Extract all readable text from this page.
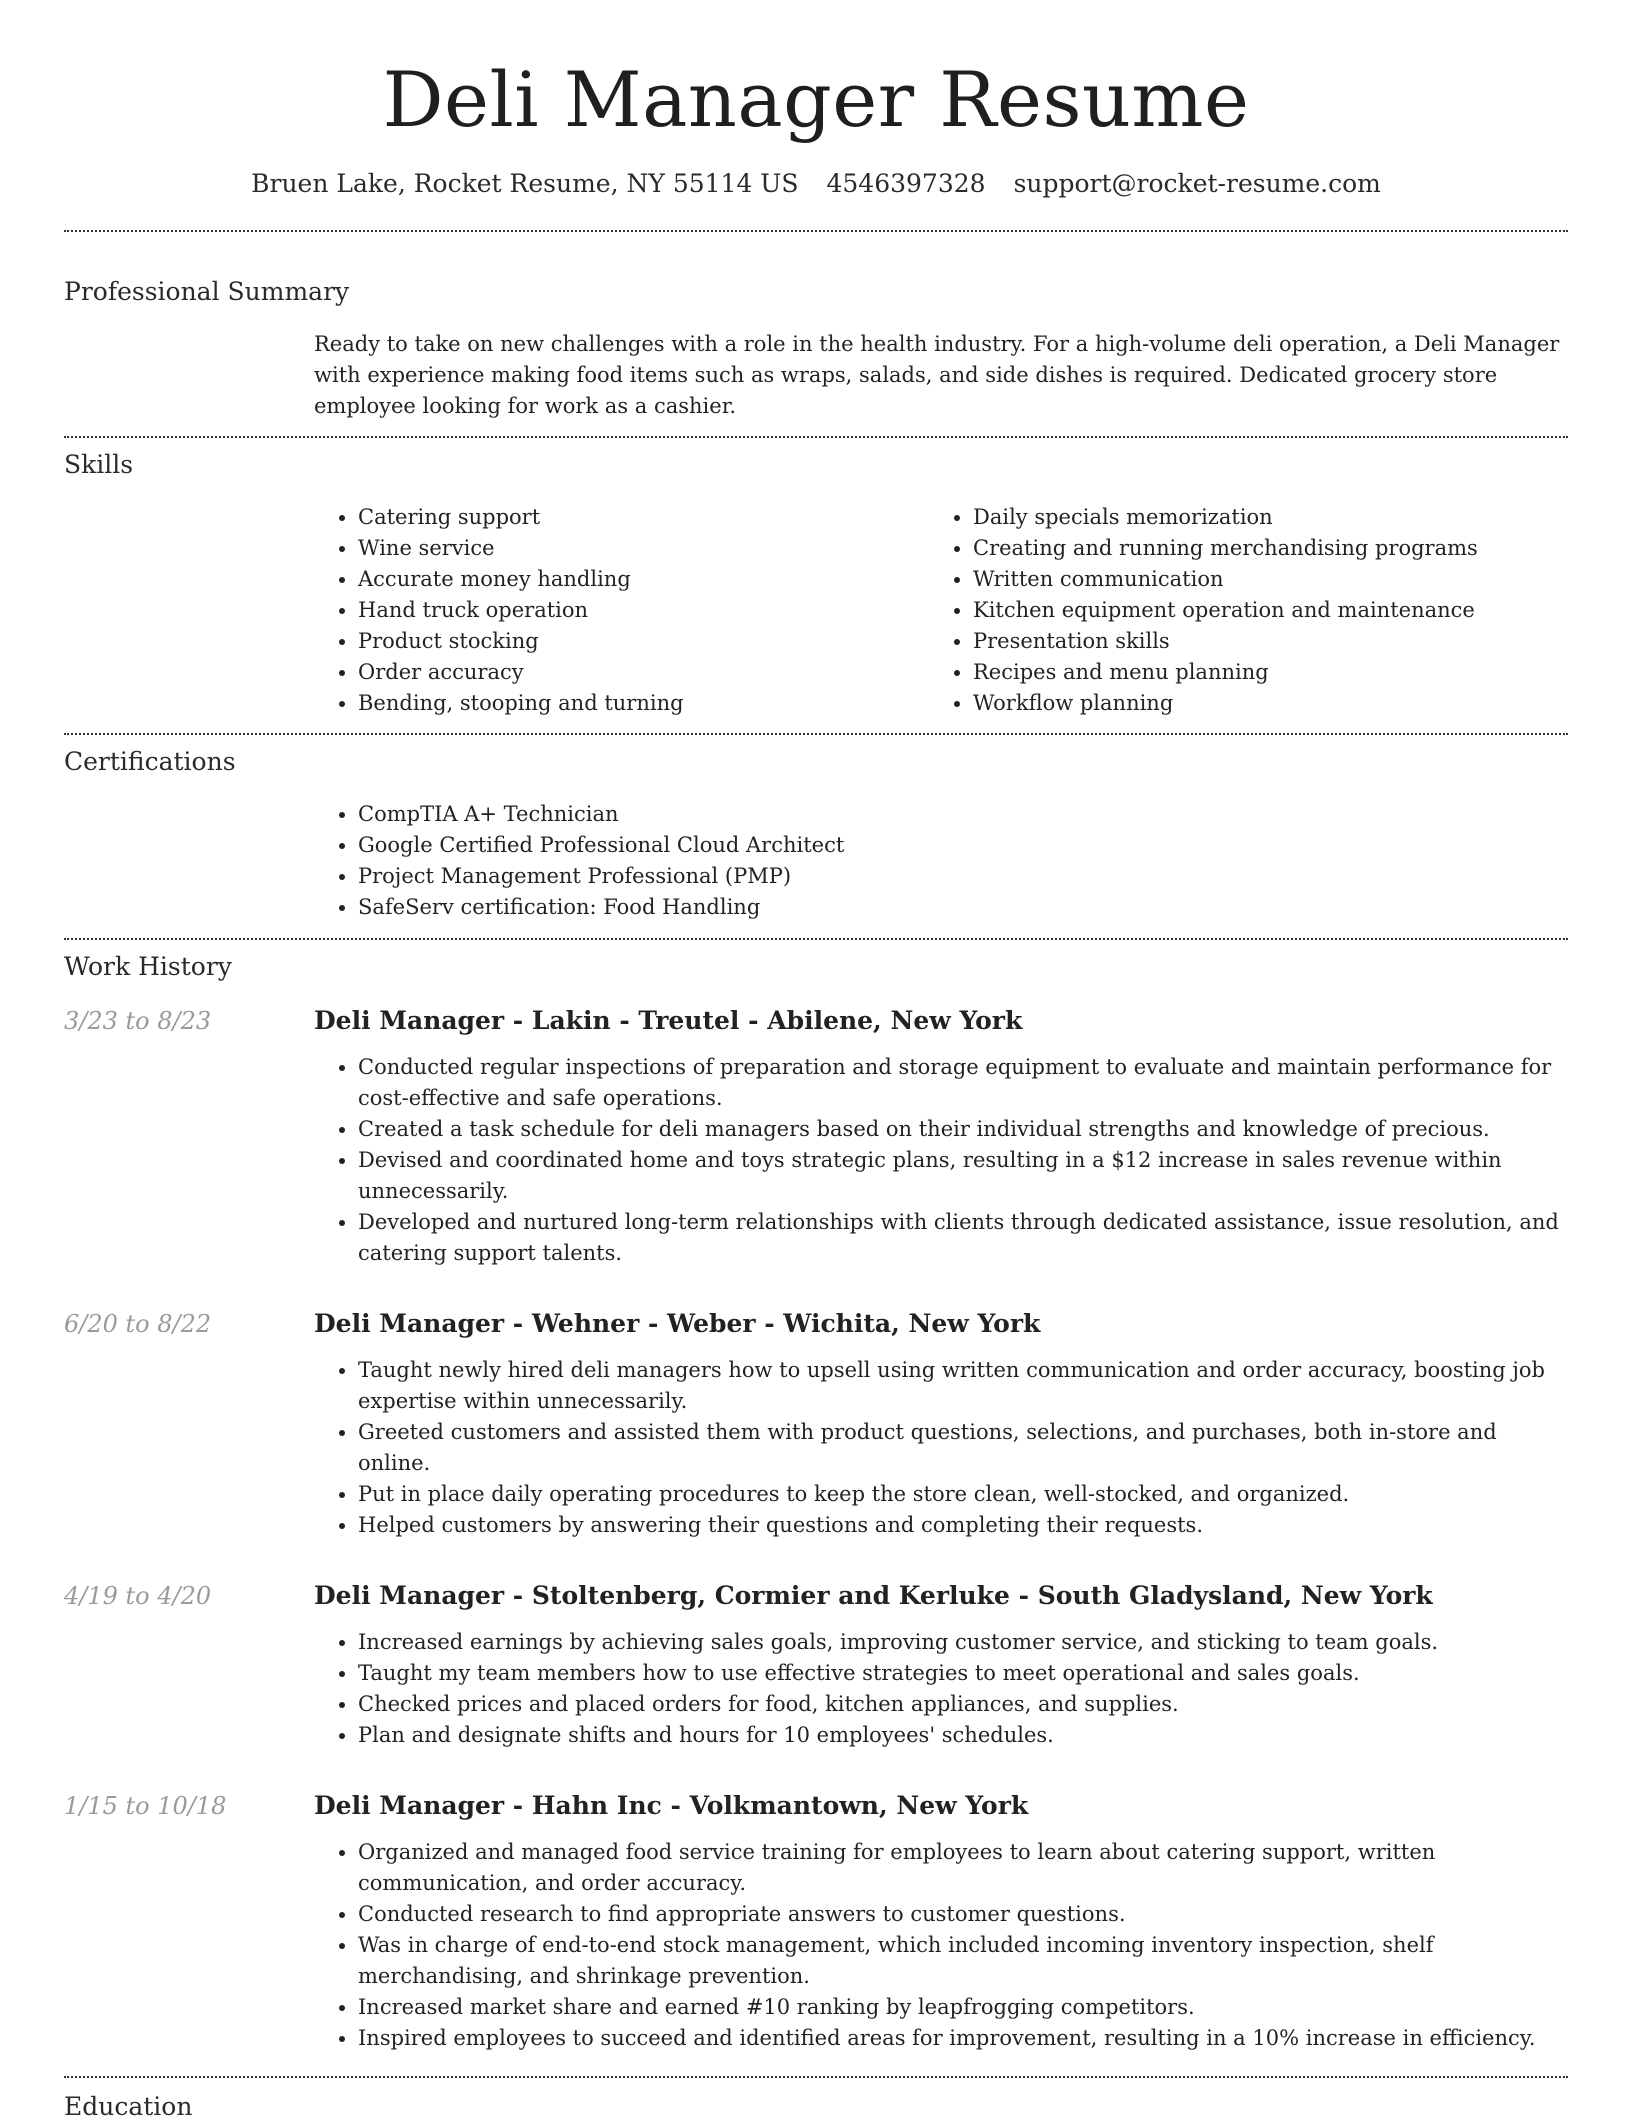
Deli Manager Resume
Bruen Lake, Rocket Resume, NY 55114 US 4546397328 support@rocket-resume.com
Professional Summary

Ready to take on new challenges with a role in the health industry. For a high-volume deli operation, a Deli Manager with experience making food items such as wraps, salads, and side dishes is required. Dedicated grocery store employee looking for work as a cashier.

Skills
• Catering support
• Wine service
• Accurate money handling
• Hand truck operation
• Product stocking
• Order accuracy
• Bending, stooping and turning
• Daily specials memorization
• Creating and running merchandising programs
• Written communication
• Kitchen equipment operation and maintenance
• Presentation skills
• Recipes and menu planning
• Workflow planning
Certifications
• CompTIA A+ Technician
• Google Certified Professional Cloud Architect
• Project Management Professional (PMP)
• SafeServ certification: Food Handling
Work History
3/23 to 8/23	Deli Manager - Lakin - Treutel - Abilene, New York
• Conducted regular inspections of preparation and storage equipment to evaluate and maintain performance for cost-effective and safe operations.
• Created a task schedule for deli managers based on their individual strengths and knowledge of precious.
• Devised and coordinated home and toys strategic plans, resulting in a $12 increase in sales revenue within unnecessarily.
• Developed and nurtured long-term relationships with clients through dedicated assistance, issue resolution, and catering support talents.
6/20 to 8/22	Deli Manager - Wehner - Weber - Wichita, New York
• Taught newly hired deli managers how to upsell using written communication and order accuracy, boosting job expertise within unnecessarily.
• Greeted customers and assisted them with product questions, selections, and purchases, both in-store and online.
• Put in place daily operating procedures to keep the store clean, well-stocked, and organized.
• Helped customers by answering their questions and completing their requests.
4/19 to 4/20	Deli Manager - Stoltenberg, Cormier and Kerluke - South Gladysland, New York
• Increased earnings by achieving sales goals, improving customer service, and sticking to team goals.
• Taught my team members how to use effective strategies to meet operational and sales goals.
• Checked prices and placed orders for food, kitchen appliances, and supplies.
• Plan and designate shifts and hours for 10 employees' schedules.
1/15 to 10/18	Deli Manager - Hahn Inc - Volkmantown, New York
• Organized and managed food service training for employees to learn about catering support, written communication, and order accuracy.
• Conducted research to find appropriate answers to customer questions.
• Was in charge of end-to-end stock management, which included incoming inventory inspection, shelf merchandising, and shrinkage prevention.
• Increased market share and earned #10 ranking by leapfrogging competitors.
• Inspired employees to succeed and identified areas for improvement, resulting in a 10% increase in efficiency.
Education
